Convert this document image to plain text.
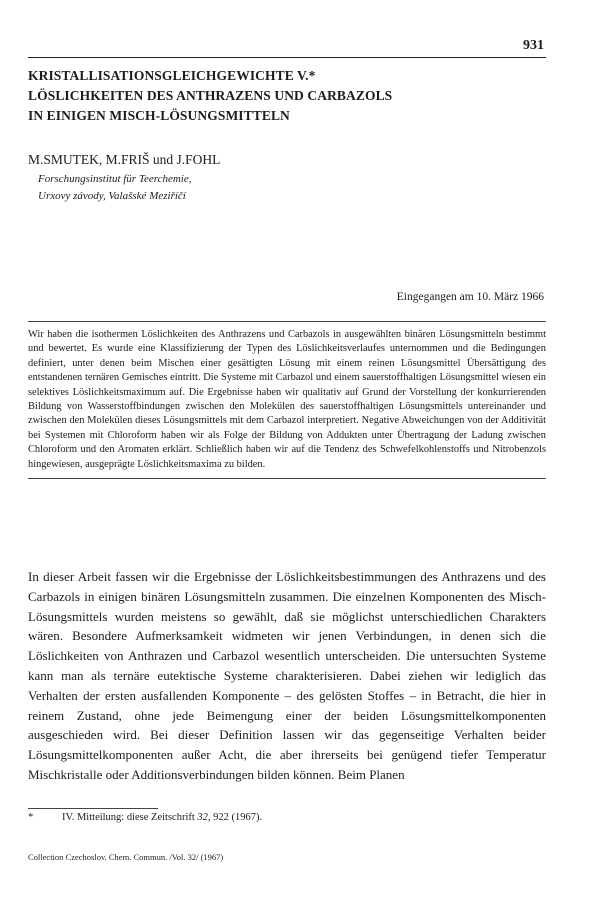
931
KRISTALLISATIONSGLEICHGEWICHTE V.*
LÖSLICHKEITEN DES ANTHRAZENS UND CARBAZOLS
IN EINIGEN MISCH-LÖSUNGSMITTELN
M.SMUTEK, M.FRIŠ und J.FOHL
Forschungsinstitut für Teerchemie,
Urxovy závody, Valašské Meziříčí
Eingegangen am 10. März 1966

Wir haben die isothermen Löslichkeiten des Anthrazens und Carbazols in ausgewählten binären Lösungsmitteln bestimmt und bewertet. Es wurde eine Klassifizierung der Typen des Löslichkeitsverlaufes unternommen und die Bedingungen definiert, unter denen beim Mischen einer gesättigten Lösung mit einem reinen Lösungsmittel Übersättigung des entstandenen ternären Gemisches eintritt. Die Systeme mit Carbazol und einem sauerstoffhaltigen Lösungsmittel wiesen ein selektives Löslichkeitsmaximum auf. Die Ergebnisse haben wir qualitativ auf Grund der Vorstellung der konkurrierenden Bildung von Wasserstoffbindungen zwischen den Molekülen des sauerstoffhaltigen Lösungsmittels untereinander und zwischen den Molekülen dieses Lösungsmittels mit dem Carbazol interpretiert. Negative Abweichungen von der Additivität bei Systemen mit Chloroform haben wir als Folge der Bildung von Addukten unter Übertragung der Ladung zwischen Chloroform und den Aromaten erklärt. Schließlich haben wir auf die Tendenz des Schwefelkohlenstoffs und Nitrobenzols hingewiesen, ausgeprägte Löslichkeitsmaxima zu bilden.

In dieser Arbeit fassen wir die Ergebnisse der Löslichkeitsbestimmungen des Anthrazens und des Carbazols in einigen binären Lösungsmitteln zusammen. Die einzelnen Komponenten des Misch-Lösungsmittels wurden meistens so gewählt, daß sie möglichst unterschiedlichen Charakters wären. Besondere Aufmerksamkeit widmeten wir jenen Verbindungen, in denen sich die Löslichkeiten von Anthrazen und Carbazol wesentlich unterscheiden. Die untersuchten Systeme kann man als ternäre eutektische Systeme charakterisieren. Dabei ziehen wir lediglich das Verhalten der ersten ausfallenden Komponente – des gelösten Stoffes – in Betracht, die hier in reinem Zustand, ohne jede Beimengung einer der beiden Lösungsmittelkomponenten ausgeschieden wird. Bei dieser Definition lassen wir das gegenseitige Verhalten beider Lösungsmittelkomponenten außer Acht, die aber ihrerseits bei genügend tiefer Temperatur Mischkristalle oder Additionsverbindungen bilden können. Beim Planen

*	IV. Mitteilung: diese Zeitschrift 32, 922 (1967).
Collection Czechoslov. Chem. Commun. /Vol. 32/ (1967)
